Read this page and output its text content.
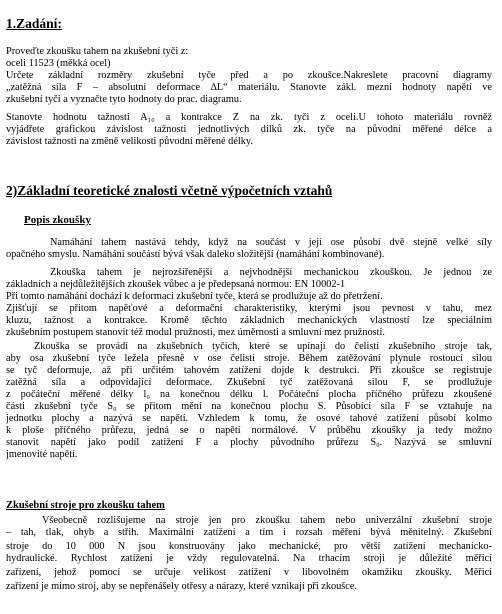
1.Zadání:
Proveďte zkoušku tahem na zkušební tyči z:
oceli 11523 (měkká ocel)
Určete základní rozměry zkušební tyče před a po zkoušce.Nakreslete pracovní diagramy
„zatěžná síla F – absolutní deformace ∆L“ materiálu. Stanovte zákl. mezní hodnoty napětí ve
zkušební tyči a vyznačte tyto hodnoty do prac. diagramu.
Stanovte hodnotu tažnosti A₁₀ a kontrakce Z na zk. tyči z oceli.U tohoto materiálu rovněž
vyjádřete grafickou závislost tažnosti jednotlivých dílků zk. tyče na původní měřené délce a
závislost tažnosti na změně velikosti původní měřené délky.
2)Základní teoretické znalosti včetně výpočetních vztahů
Popis zkoušky
Namáhání tahem nastává tehdy, když na součást v její ose působí dvě stejně velké síly
opačného smyslu. Namáhání součástí bývá však daleko složitější (namáhání kombinované).
Zkouška tahem je nejrozšířenější a nejvhodnější mechanickou zkouškou. Je jednou ze
základních a nejdůležitějších zkoušek vůbec a je předepsaná normou: EN 10002-1
Při tomto namáhání dochází k deformaci zkušební tyče, která se prodlužuje až do přetržení.
Zjišťují se přitom napěťové a deformační charakteristiky, kterými jsou pevnost v tahu, mez
kluzu, tažnost a kontrakce. Kromě těchto základních mechanických vlastností lze speciálním
zkušebním postupem stanovit též modul pružnosti, mez úměrnosti a smluvní mez pružnosti.
Zkouška se provádí na zkušebních tyčích, které se upínají do čelistí zkušebního stroje tak,
aby osa zkušební tyče ležela přesně v ose čelistí stroje. Během zatěžování plynule rostoucí silou
se tyč deformuje, až při určitém tahovém zatížení dojde k destrukci. Při zkoušce se registruje
zatěžná síla a odpovídající deformace. Zkušební tyč zatěžovaná silou F, se prodlužuje
z počáteční měřené délky l₀ na konečnou délku l. Počáteční plocha příčného průřezu zkoušené
části zkušební tyče S₀ se přitom mění na konečnou plochu S. Působící síla F se vztahuje na
jednotku plochy a nazývá se napětí. Vzhledem k tomu, že osové tahové zatížení působí kolmo
k ploše příčného průřezu, jedná se o napětí normálové. V průběhu zkoušky ja tedy možno
stanovit napětí jako podíl zatížení F a plochy původního průřezu S₀. Nazývá se smluvní
jmenovité napětí.
Zkušební stroje pro zkoušku tahem
Všeobecně rozlišujeme na stroje jen pro zkoušku tahem nebo univerzální zkušební stroje
– tah, tlak, ohyb a střih. Maximální zatížení a tím i rozsah měření bývá měnitelný. Zkušební
stroje do 10 000 N jsou konstruovány jako mechanické, pro větší zatížení mechanicko-
hydraulické. Rychlost zatížení je vždy regulovatelná. Na trhacím stroji je důležité měřicí
zařízení, jehož pomocí se určuje velikost zatížení v libovolném okamžiku zkoušky. Měřicí
zařízení je mimo stroj, aby se nepřenášely otřesy a nárazy, které vznikají při zkoušce.
